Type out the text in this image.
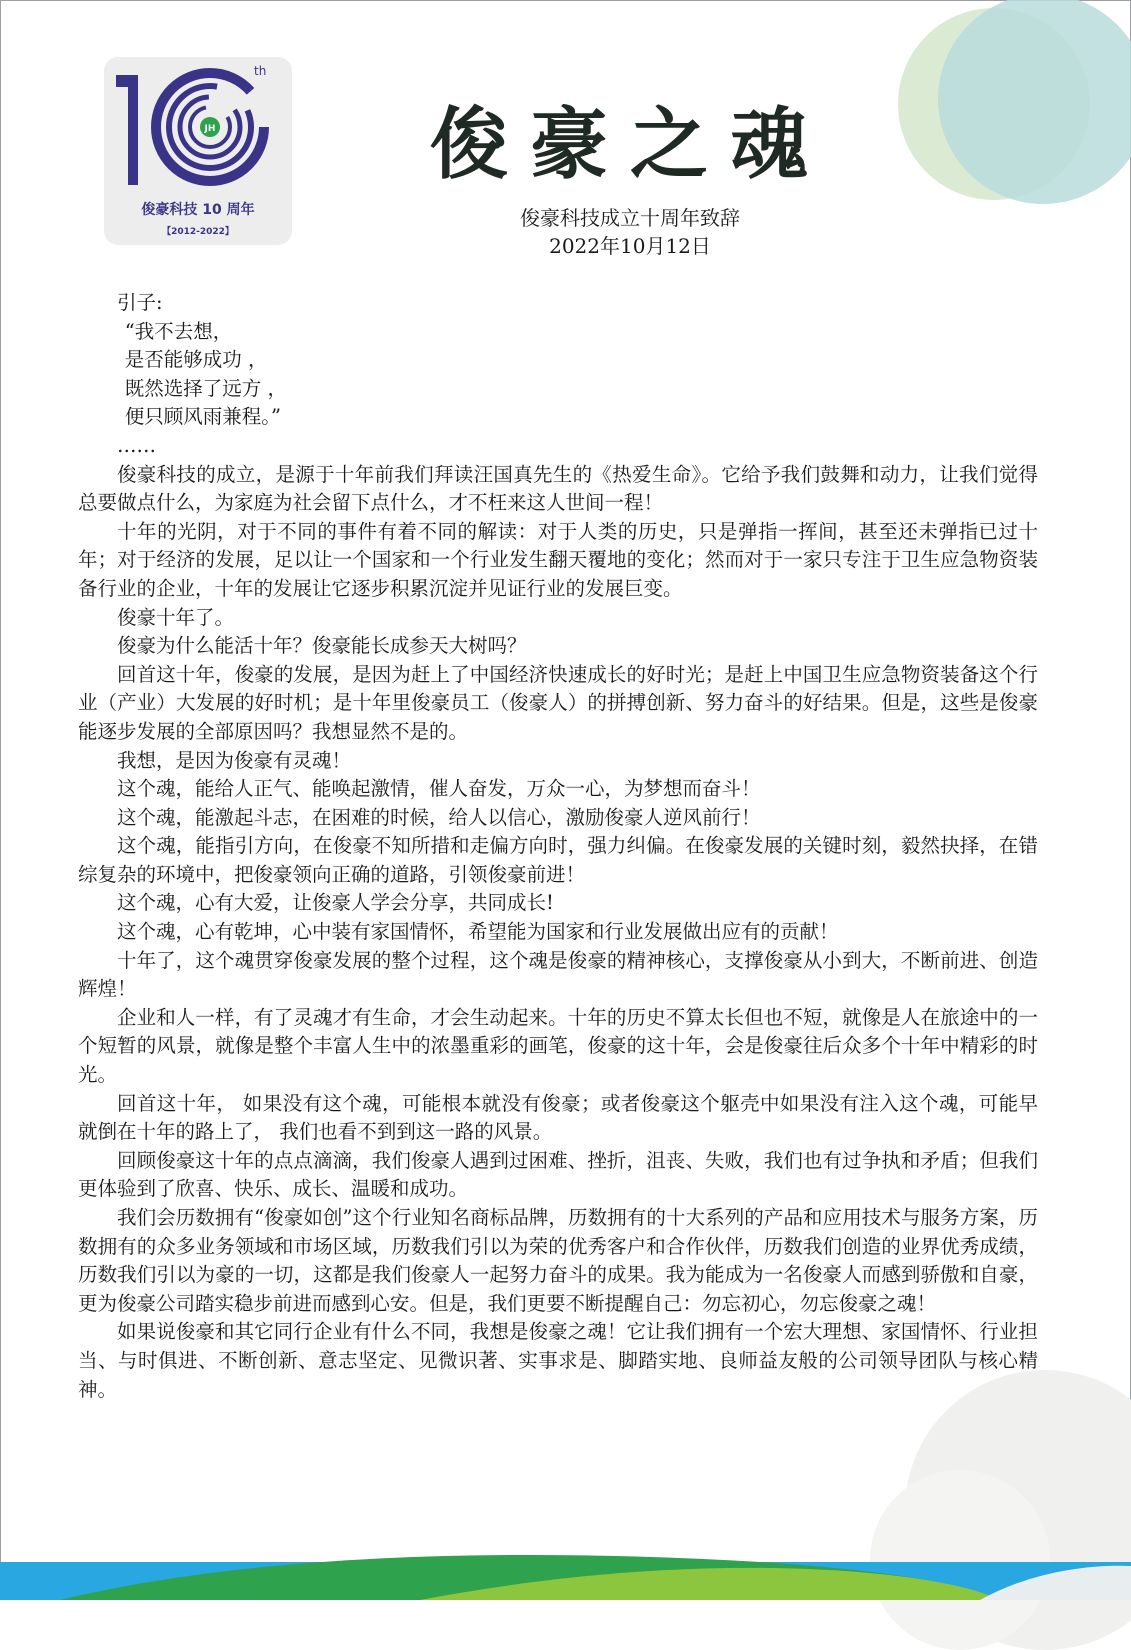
JH
th
俊豪科技 10 周年
【2012-2022】
俊豪之魂
俊豪科技成立十周年致辞
2022年10月12日

引子:

“我不去想，

是否能够成功 ，

既然选择了远方 ，

便只顾风雨兼程。”

……

俊豪科技的成立，是源于十年前我们拜读汪国真先生的《热爱生命》。它给予我们鼓舞和动力，让我们觉得总要做点什么，为家庭为社会留下点什么，才不枉来这人世间一程！

十年的光阴，对于不同的事件有着不同的解读：对于人类的历史，只是弹指一挥间，甚至还未弹指已过十年；对于经济的发展，足以让一个国家和一个行业发生翻天覆地的变化；然而对于一家只专注于卫生应急物资装备行业的企业，十年的发展让它逐步积累沉淀并见证行业的发展巨变。

俊豪十年了。

俊豪为什么能活十年？俊豪能长成参天大树吗？

回首这十年，俊豪的发展，是因为赶上了中国经济快速成长的好时光；是赶上中国卫生应急物资装备这个行业（产业）大发展的好时机；是十年里俊豪员工（俊豪人）的拼搏创新、努力奋斗的好结果。但是，这些是俊豪能逐步发展的全部原因吗？我想显然不是的。

我想，是因为俊豪有灵魂！

这个魂，能给人正气、能唤起激情，催人奋发，万众一心，为梦想而奋斗！

这个魂，能激起斗志，在困难的时候，给人以信心，激励俊豪人逆风前行！

这个魂，能指引方向，在俊豪不知所措和走偏方向时，强力纠偏。在俊豪发展的关键时刻，毅然抉择，在错综复杂的环境中，把俊豪领向正确的道路，引领俊豪前进！

这个魂，心有大爱，让俊豪人学会分享，共同成长!

这个魂，心有乾坤，心中装有家国情怀，希望能为国家和行业发展做出应有的贡献！

十年了，这个魂贯穿俊豪发展的整个过程，这个魂是俊豪的精神核心，支撑俊豪从小到大，不断前进、创造辉煌！

企业和人一样，有了灵魂才有生命，才会生动起来。十年的历史不算太长但也不短，就像是人在旅途中的一个短暂的风景，就像是整个丰富人生中的浓墨重彩的画笔，俊豪的这十年，会是俊豪往后众多个十年中精彩的时光。

回首这十年， 如果没有这个魂，可能根本就没有俊豪；或者俊豪这个躯壳中如果没有注入这个魂，可能早就倒在十年的路上了， 我们也看不到到这一路的风景。

回顾俊豪这十年的点点滴滴，我们俊豪人遇到过困难、挫折，沮丧、失败，我们也有过争执和矛盾；但我们更体验到了欣喜、快乐、成长、温暖和成功。

我们会历数拥有“俊豪如创”这个行业知名商标品牌，历数拥有的十大系列的产品和应用技术与服务方案，历数拥有的众多业务领域和市场区域，历数我们引以为荣的优秀客户和合作伙伴，历数我们创造的业界优秀成绩，历数我们引以为豪的一切，这都是我们俊豪人一起努力奋斗的成果。我为能成为一名俊豪人而感到骄傲和自豪，更为俊豪公司踏实稳步前进而感到心安。但是，我们更要不断提醒自己：勿忘初心，勿忘俊豪之魂！

如果说俊豪和其它同行企业有什么不同，我想是俊豪之魂！它让我们拥有一个宏大理想、家国情怀、行业担当、与时俱进、不断创新、意志坚定、见微识著、实事求是、脚踏实地、良师益友般的公司领导团队与核心精神。
